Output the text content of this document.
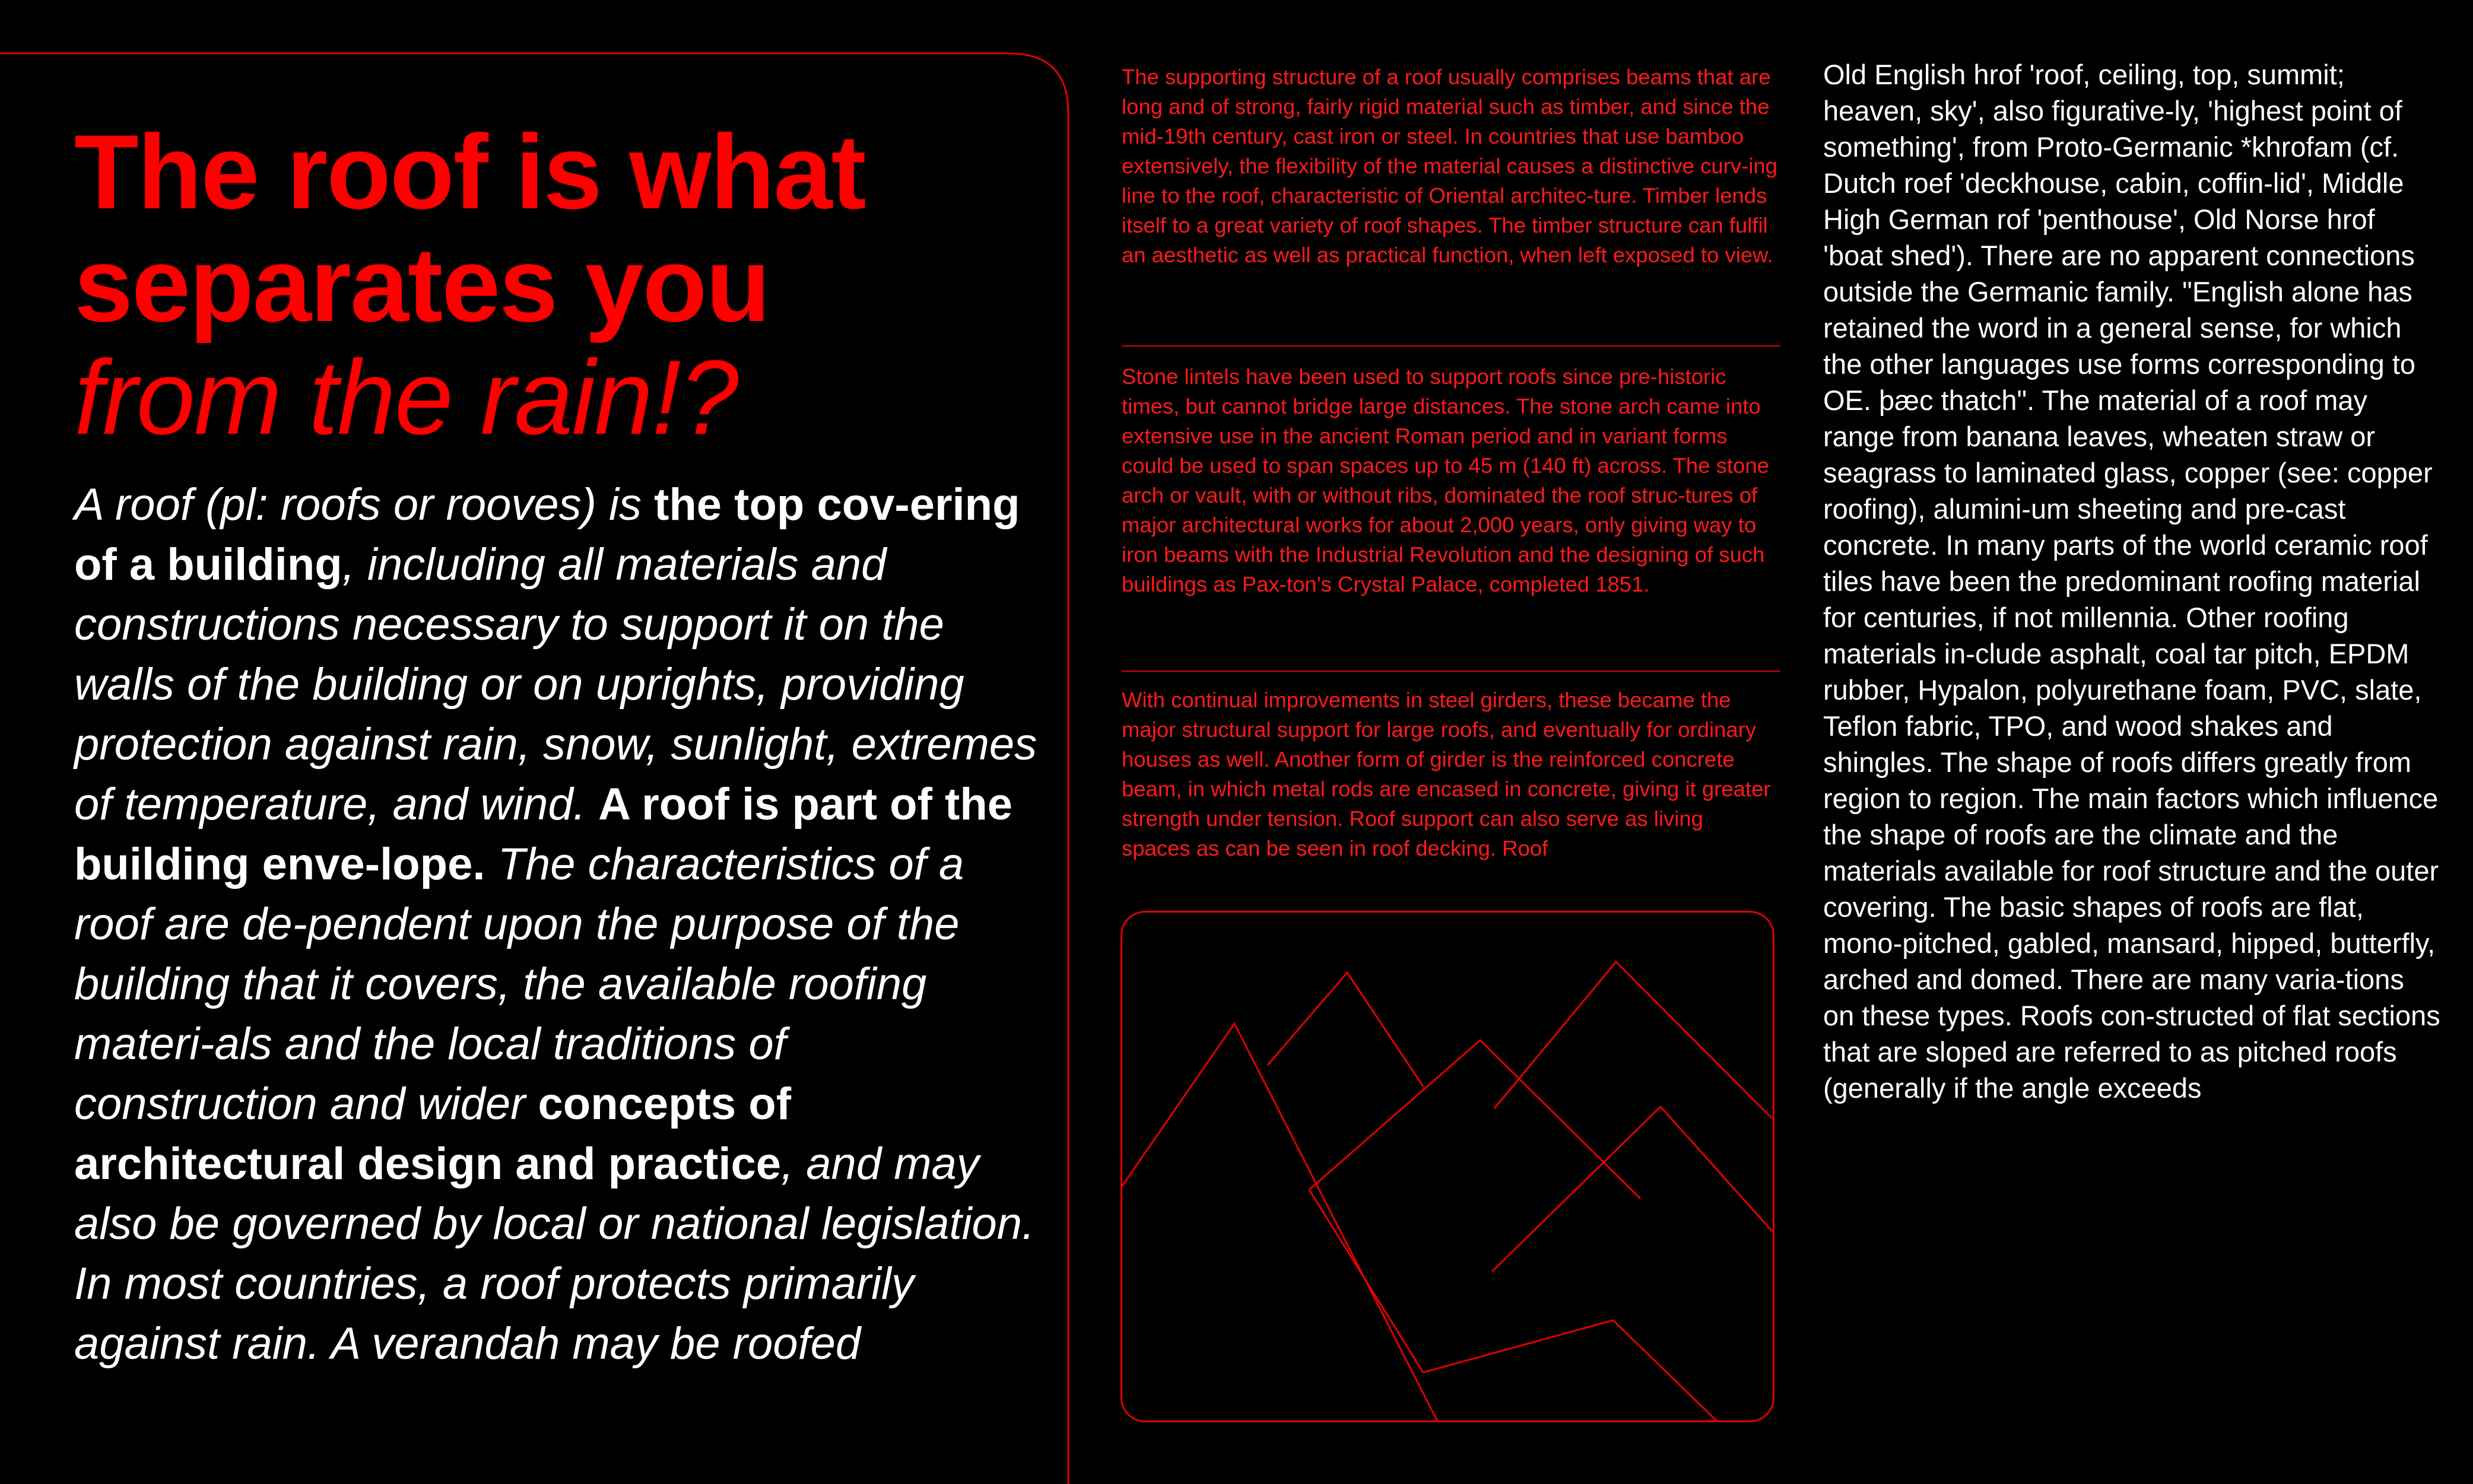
The roof is what
separates you
from the rain!?

A roof (pl: roofs or rooves) is the top cov-ering of a building, including all materials and constructions necessary to support it on the walls of the building or on uprights, providing protection against rain, snow, sunlight, extremes of temperature, and wind. A roof is part of the building enve-lope. The characteristics of a roof are de-pendent upon the purpose of the building that it covers, the available roofing materi-als and the local traditions of construction and wider concepts of architectural design and practice, and may also be governed by local or national legislation. In most countries, a roof protects primarily against rain. A verandah may be roofed

The supporting structure of a roof usually comprises beams that are long and of strong, fairly rigid material such as timber, and since the mid-19th century, cast iron or steel. In countries that use bamboo extensively, the flexibility of the material causes a distinctive curv-ing line to the roof, characteristic of Oriental architec-ture. Timber lends itself to a great variety of roof shapes. The timber structure can fulfil an aesthetic as well as practical function, when left exposed to view.

Stone lintels have been used to support roofs since pre-historic times, but cannot bridge large distances. The stone arch came into extensive use in the ancient Roman period and in variant forms could be used to span spaces up to 45 m (140 ft) across. The stone arch or vault, with or without ribs, dominated the roof struc-tures of major architectural works for about 2,000 years, only giving way to iron beams with the Industrial Revolution and the designing of such buildings as Pax-ton's Crystal Palace, completed 1851.

With continual improvements in steel girders, these became the major structural support for large roofs, and eventually for ordinary houses as well. Another form of girder is the reinforced concrete beam, in which metal rods are encased in concrete, giving it greater strength under tension. Roof support can also serve as living spaces as can be seen in roof decking. Roof

Old English hrof 'roof, ceiling, top, summit; heaven, sky', also figurative-ly, 'highest point of something', from Proto-Germanic *khrofam (cf. Dutch roef 'deckhouse, cabin, coffin-lid', Middle High German rof 'penthouse', Old Norse hrof 'boat shed'). There are no apparent connections outside the Germanic family. "English alone has retained the word in a general sense, for which the other languages use forms corresponding to OE. þæc thatch". The material of a roof may range from banana leaves, wheaten straw or seagrass to laminated glass, copper (see: copper roofing), alumini-um sheeting and pre-cast concrete. In many parts of the world ceramic roof tiles have been the predominant roofing material for centuries, if not millennia. Other roofing materials in-clude asphalt, coal tar pitch, EPDM rubber, Hypalon, polyurethane foam, PVC, slate, Teflon fabric, TPO, and wood shakes and shingles. The shape of roofs differs greatly from region to region. The main factors which influence the shape of roofs are the climate and the materials available for roof structure and the outer covering. The basic shapes of roofs are flat, mono-pitched, gabled, mansard, hipped, butterfly, arched and domed. There are many varia-tions on these types. Roofs con-structed of flat sections that are sloped are referred to as pitched roofs (generally if the angle exceeds
